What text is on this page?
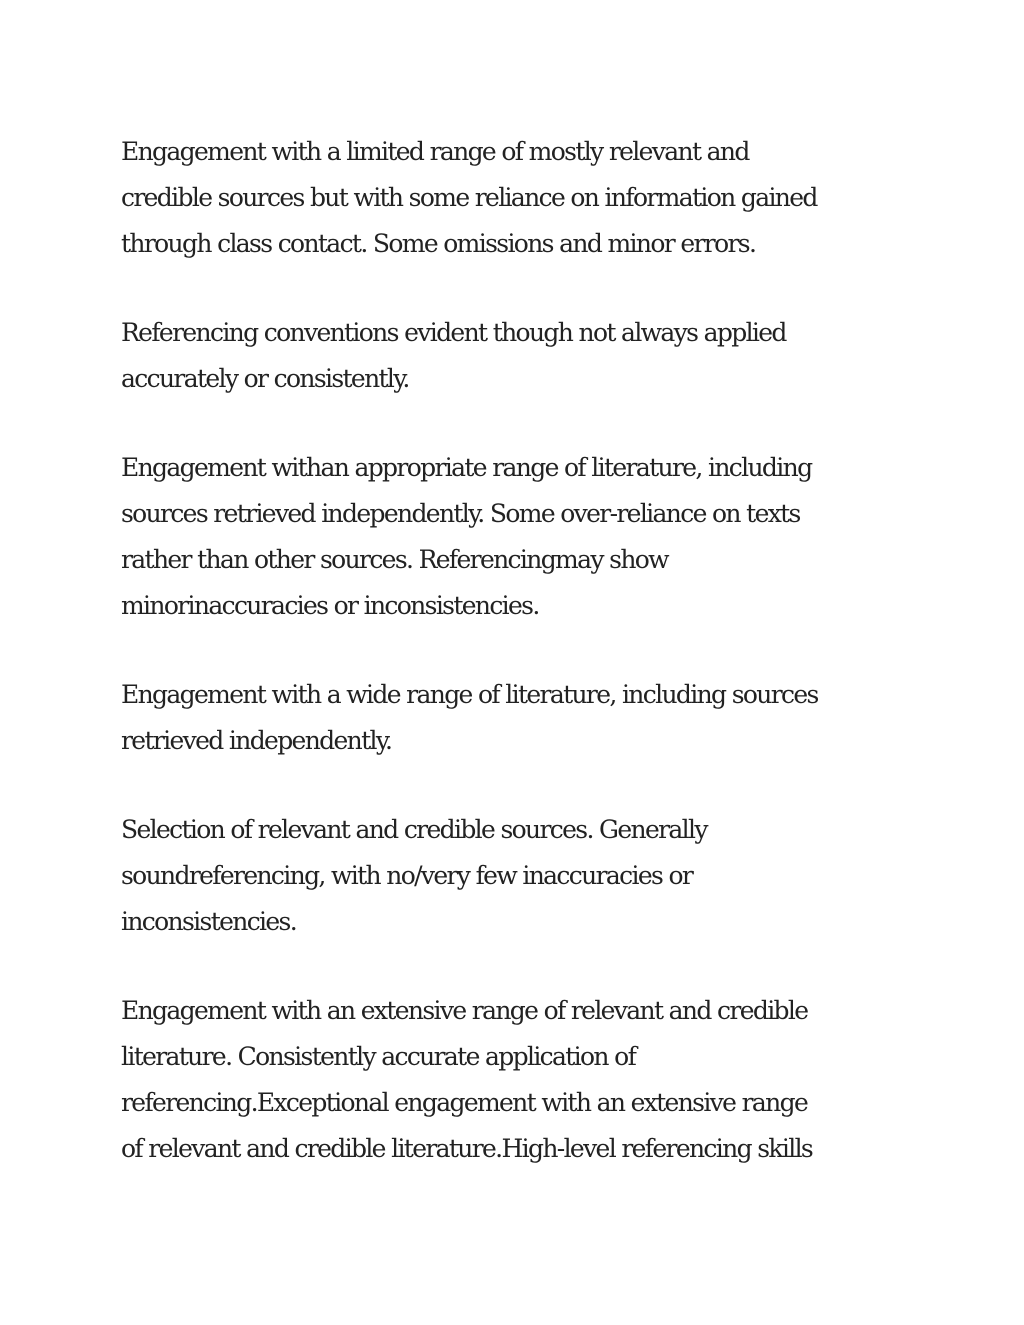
Engagement with a limited range of mostly relevant and
credible sources but with some reliance on information gained
through class contact. Some omissions and minor errors.

Referencing conventions evident though not always applied
accurately or consistently.

Engagement withan appropriate range of literature, including
sources retrieved independently. Some over-reliance on texts
rather than other sources. Referencingmay show
minorinaccuracies or inconsistencies.

Engagement with a wide range of literature, including sources
retrieved independently.

Selection of relevant and credible sources. Generally
soundreferencing, with no/very few inaccuracies or
inconsistencies.

Engagement with an extensive range of relevant and credible
literature. Consistently accurate application of
referencing.Exceptional engagement with an extensive range
of relevant and credible literature.High-level referencing skills
